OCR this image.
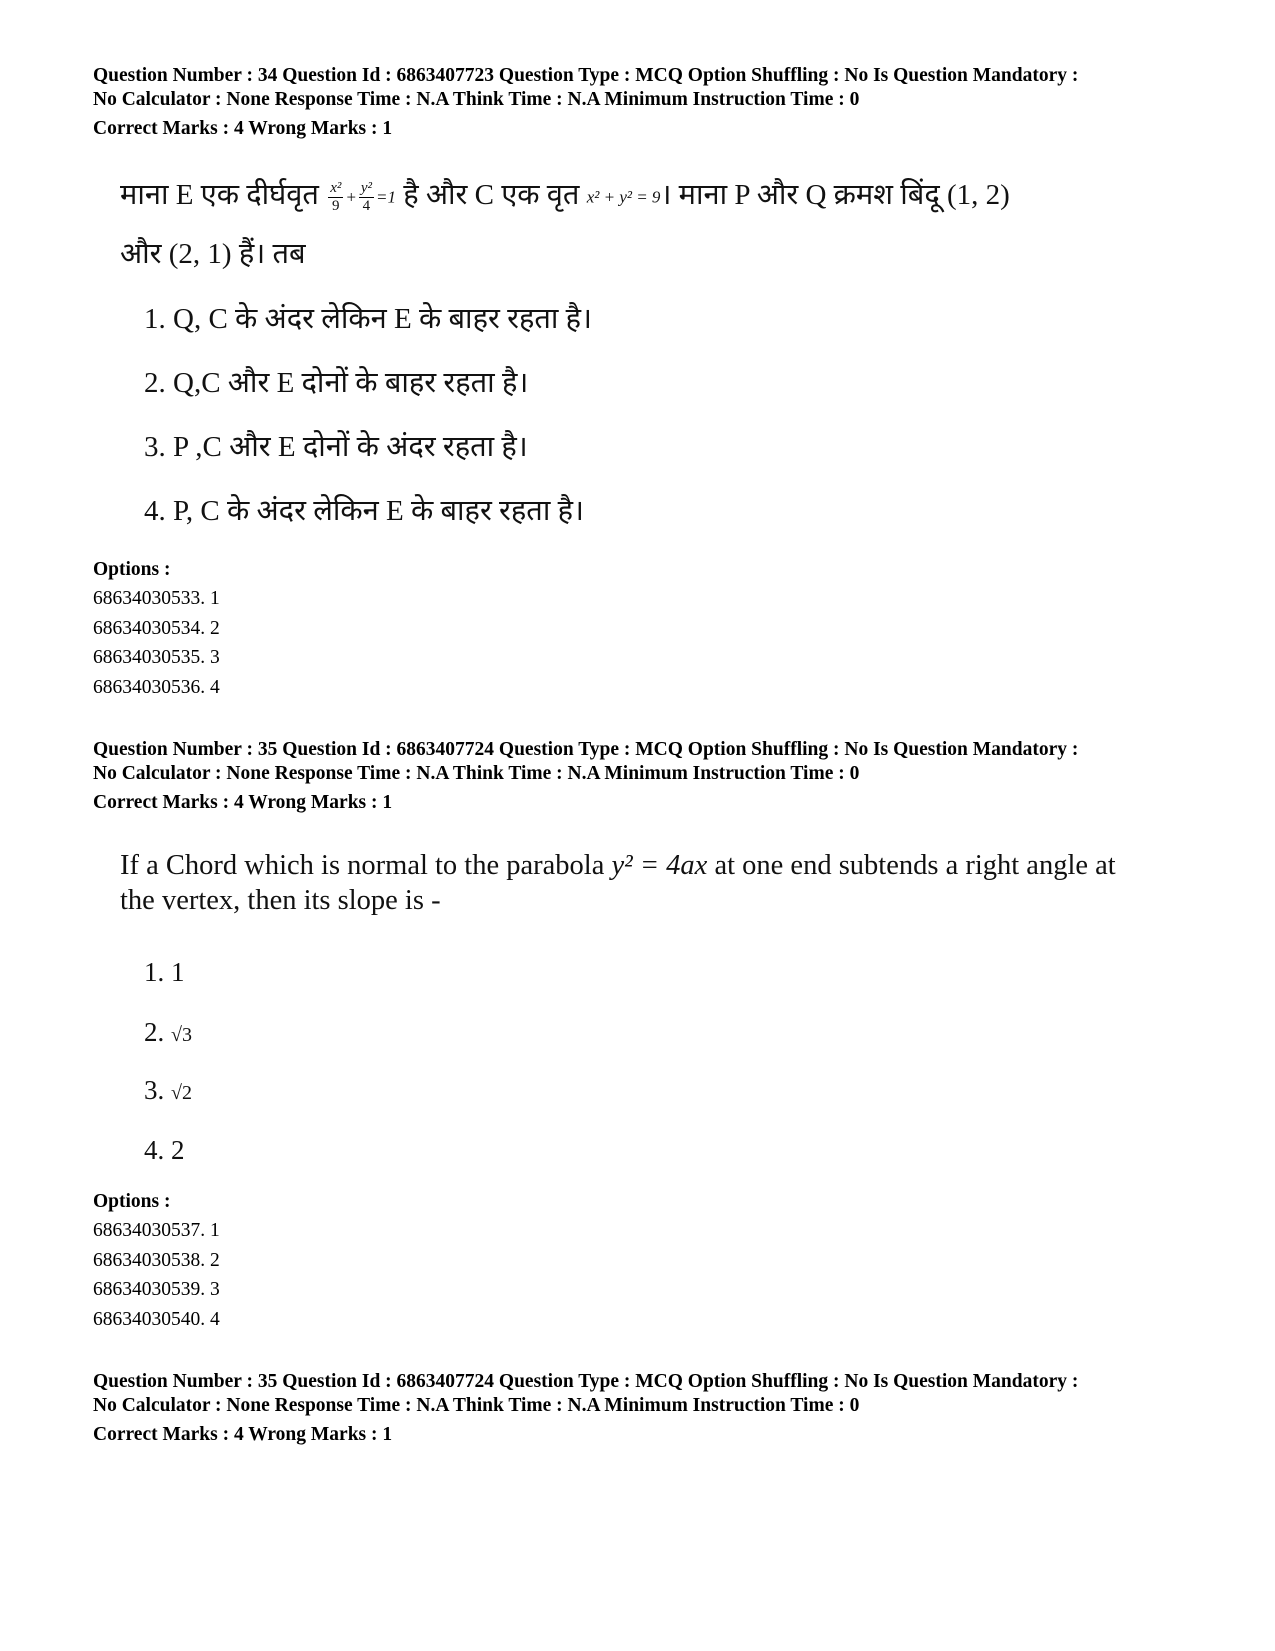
Question Number : 34 Question Id : 6863407723 Question Type : MCQ Option Shuffling : No Is Question Mandatory :
No Calculator : None Response Time : N.A Think Time : N.A Minimum Instruction Time : 0
Correct Marks : 4 Wrong Marks : 1
माना E एक दीर्घवृत $\frac{\text{x²}}{9} + \frac{\text{y²}}{4} =1$ है और C एक वृत x² + y² = 9। माना P और Q क्रमश बिंदू (1, 2)
और (2, 1) हैं। तब
1. Q, C के अंदर लेकिन E के बाहर रहता है।
2. Q,C और E दोनों के बाहर रहता है।
3. P ,C और E दोनों के अंदर रहता है।
4. P, C के अंदर लेकिन E के बाहर रहता है।
Options :
68634030533. 1
68634030534. 2
68634030535. 3
68634030536. 4
Question Number : 35 Question Id : 6863407724 Question Type : MCQ Option Shuffling : No Is Question Mandatory :
No Calculator : None Response Time : N.A Think Time : N.A Minimum Instruction Time : 0
Correct Marks : 4 Wrong Marks : 1
If a Chord which is normal to the parabola y² = 4ax at one end subtends a right angle at
the vertex, then its slope is -
1. 1
2. √3
3. √2
4. 2
Options :
68634030537. 1
68634030538. 2
68634030539. 3
68634030540. 4
Question Number : 35 Question Id : 6863407724 Question Type : MCQ Option Shuffling : No Is Question Mandatory :
No Calculator : None Response Time : N.A Think Time : N.A Minimum Instruction Time : 0
Correct Marks : 4 Wrong Marks : 1
